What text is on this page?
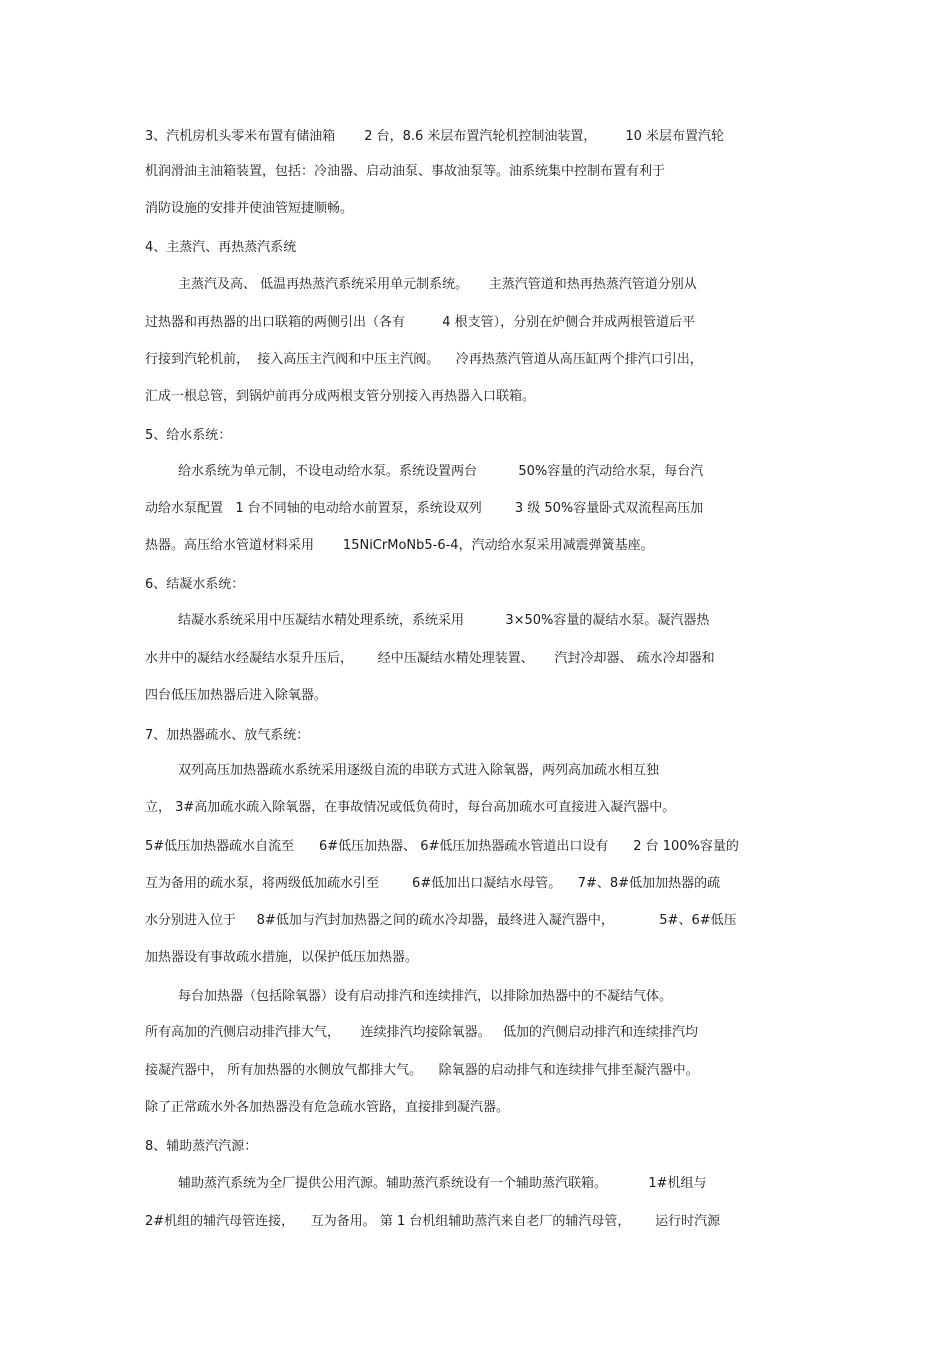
3、汽机房机头零米布置有储油箱       2 台，8.6 米层布置汽轮机控制油装置，       10 米层布置汽轮

机润滑油主油箱装置，包括：冷油器、启动油泵、事故油泵等。油系统集中控制布置有利于

消防设施的安排并使油管短捷顺畅。

4、主蒸汽、再热蒸汽系统

主蒸汽及高、 低温再热蒸汽系统采用单元制系统。     主蒸汽管道和热再热蒸汽管道分别从

过热器和再热器的出口联箱的两侧引出（各有         4 根支管），分别在炉侧合并成两根管道后平

行接到汽轮机前，  接入高压主汽阀和中压主汽阀。    冷再热蒸汽管道从高压缸两个排汽口引出，

汇成一根总管，到锅炉前再分成两根支管分别接入再热器入口联箱。

5、给水系统：

给水系统为单元制，不设电动给水泵。系统设置两台          50%容量的汽动给水泵，每台汽

动给水泵配置   1 台不同轴的电动给水前置泵，系统设双列        3 级 50%容量卧式双流程高压加

热器。高压给水管道材料采用       15NiCrMoNb5-6-4，汽动给水泵采用减震弹簧基座。

6、结凝水系统：

结凝水系统采用中压凝结水精处理系统，系统采用          3×50%容量的凝结水泵。凝汽器热

水井中的凝结水经凝结水泵升压后，      经中压凝结水精处理装置、     汽封冷却器、 疏水冷却器和

四台低压加热器后进入除氧器。

7、加热器疏水、放气系统：

双列高压加热器疏水系统采用逐级自流的串联方式进入除氧器，两列高加疏水相互独

立， 3#高加疏水疏入除氧器，在事故情况或低负荷时，每台高加疏水可直接进入凝汽器中。

5#低压加热器疏水自流至      6#低压加热器、 6#低压加热器疏水管道出口设有      2 台 100%容量的

互为备用的疏水泵，将两级低加疏水引至        6#低加出口凝结水母管。    7#、8#低加加热器的疏

水分别进入位于     8#低加与汽封加热器之间的疏水冷却器，最终进入凝汽器中，           5#、6#低压

加热器设有事故疏水措施，以保护低压加热器。

每台加热器（包括除氧器）设有启动排汽和连续排汽，以排除加热器中的不凝结气体。

所有高加的汽侧启动排汽排大气，     连续排汽均接除氧器。   低加的汽侧启动排汽和连续排汽均

接凝汽器中， 所有加热器的水侧放气都排大气。    除氧器的启动排气和连续排气排至凝汽器中。

除了正常疏水外各加热器没有危急疏水管路，直接排到凝汽器。

8、辅助蒸汽汽源：

辅助蒸汽系统为全厂提供公用汽源。辅助蒸汽系统设有一个辅助蒸汽联箱。          1#机组与

2#机组的辅汽母管连接，    互为备用。 第 1 台机组辅助蒸汽来自老厂的辅汽母管，      运行时汽源
